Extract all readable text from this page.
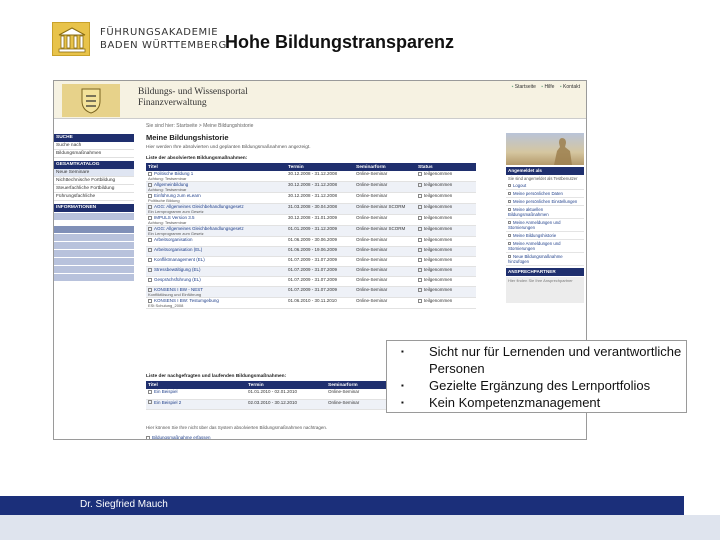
FÜHRUNGSAKADEMIE
BADEN WÜRTTEMBERG
Hohe Bildungstransparenz
Bildungs- und Wissensportal
Finanzverwaltung
▪ Startseite ▪ Hilfe ▪ Kontakt
Sie sind hier: Startseite > Meine Bildungshistorie
SUCHE
Suche nach
Bildungsmaßnahmen
GESAMTKATALOG
Neue Seminare
Nichttechnische Fortbildung
Steuerfachliche Fortbildung
Führungsfachliche
INFORMATIONEN
Meine Bildungshistorie
Hier werden Ihre absolvierten und geplanten Bildungsmaßnahmen angezeigt.
Liste der absolvierten Bildungsmaßnahmen:
Titel	Termin	Seminarform	Status
Politische Bildung 1
Achtung: Testseminar	30.12.2008 - 31.12.2008	Online-Seminar	teilgenommen
Allgemeinbildung
Achtung: Testseminar	30.12.2008 - 31.12.2008	Online-Seminar	teilgenommen
Einführung zum eLearn
Politische Bildung	30.12.2008 - 31.12.2008	Online-Seminar	teilgenommen
AGG: Allgemeines Gleichbehandlungsgesetz
Ein Lernprogramm zum Gesetz	31.03.2008 - 30.04.2008	Online-Seminar SCORM	teilgenommen
IMPULS Version 3.5
Achtung: Testseminar	30.12.2008 - 31.01.2009	Online-Seminar	teilgenommen
AGG: Allgemeines Gleichbehandlungsgesetz
Ein Lernprogramm zum Gesetz	01.01.2009 - 31.12.2009	Online-Seminar SCORM	teilgenommen
Arbeitsorganisation	01.06.2009 - 30.06.2009	Online-Seminar	teilgenommen
Arbeitsorganisation (EL)	01.06.2009 - 19.06.2009	Online-Seminar	teilgenommen
Konfliktmanagement (EL)	01.07.2009 - 31.07.2009	Online-Seminar	teilgenommen
Stressbewältigung (EL)	01.07.2009 - 31.07.2009	Online-Seminar	teilgenommen
Gesprächsführung (EL)	01.07.2009 - 31.07.2009	Online-Seminar	teilgenommen
KONSENS I BW - NEST
Konfliktlösung und Einführung	01.07.2009 - 31.07.2009	Online-Seminar	teilgenommen
KONSENS I BW: Testumgebung
ESt Schulung_2008	01.06.2010 - 30.11.2010	Online-Seminar	teilgenommen
Liste der nachgefragten und laufenden Bildungsmaßnahmen:
Titel	Termin	Seminarform
Ein Beispiel	01.01.2010 - 02.01.2010	Online-Seminar
Ein Beispiel 2	02.03.2010 - 30.12.2010	Online-Seminar
Hier können Sie Ihre nicht über das System absolvierten Bildungsmaßnahmen nachtragen.
Bildungsmaßnahme erfassen
Angemeldet als
Sie sind angemeldet als Testbenutzer
Logout
Meine persönlichen Daten
Meine persönlichen Einstellungen
Meine aktuellen Bildungsmaßnahmen
Meine Anmeldungen und Stornierungen
Meine Bildungshistorie
Meine Anmeldungen und Stornierungen
Neue Bildungsmaßnahme hinzufügen
ANSPRECHPARTNER
Hier finden Sie Ihre Ansprechpartner
▪ Sicht nur für Lernenden und verantwortliche Personen
▪ Gezielte Ergänzung des Lernportfolios
▪ Kein Kompetenzmanagement
Dr. Siegfried Mauch
